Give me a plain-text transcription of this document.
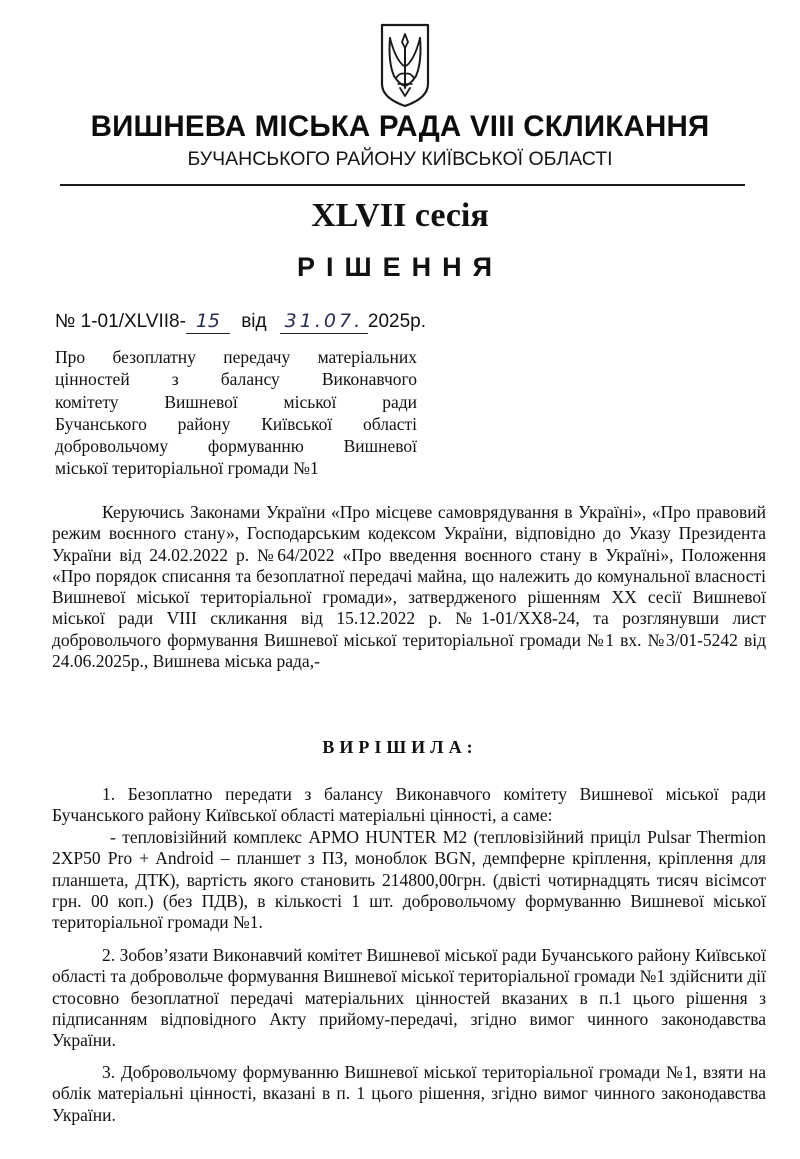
ВИШНЕВА МІСЬКА РАДА VIII СКЛИКАННЯ
БУЧАНСЬКОГО РАЙОНУ КИЇВСЬКОЇ ОБЛАСТІ
XLVII сесія
РІШЕННЯ
№ 1-01/XLVII8- 15 від 31.07. 2025р.
Про безоплатну передачу матеріальних
цінностей з балансу Виконавчого
комітету Вишневої міської ради
Бучанського району Київської області
добровольчому формуванню Вишневої
міської територіальної громади №1
Керуючись Законами України «Про місцеве самоврядування в Україні», «Про правовий режим воєнного стану», Господарським кодексом України, відповідно до Указу Президента України від 24.02.2022 р. №64/2022 «Про введення воєнного стану в Україні», Положення «Про порядок списання та безоплатної передачі майна, що належить до комунальної власності Вишневої міської територіальної громади», затвердженого рішенням XX сесії Вишневої міської ради VIII скликання від 15.12.2022 р. №1-01/XX8-24, та розглянувши лист добровольчого формування Вишневої міської територіальної громади №1 вх. №3/01-5242 від 24.06.2025р., Вишнева міська рада,-
ВИРІШИЛА:
1. Безоплатно передати з балансу Виконавчого комітету Вишневої міської ради Бучанського району Київської області матеріальні цінності, а саме:
- тепловізійний комплекс АРМО HUNTER M2 (тепловізійний приціл Pulsar Thermion 2XP50 Pro + Android – планшет з ПЗ, моноблок BGN, демпферне кріплення, кріплення для планшета, ДТК), вартість якого становить 214800,00грн. (двісті чотирнадцять тисяч вісімсот грн. 00 коп.) (без ПДВ), в кількості 1 шт. добровольчому формуванню Вишневої міської територіальної громади №1.
2. Зобов’язати Виконавчий комітет Вишневої міської ради Бучанського району Київської області та добровольче формування Вишневої міської територіальної громади №1 здійснити дії стосовно безоплатної передачі матеріальних цінностей вказаних в п.1 цього рішення з підписанням відповідного Акту прийому-передачі, згідно вимог чинного законодавства України.
3. Добровольчому формуванню Вишневої міської територіальної громади №1, взяти на облік матеріальні цінності, вказані в п. 1 цього рішення, згідно вимог чинного законодавства України.
